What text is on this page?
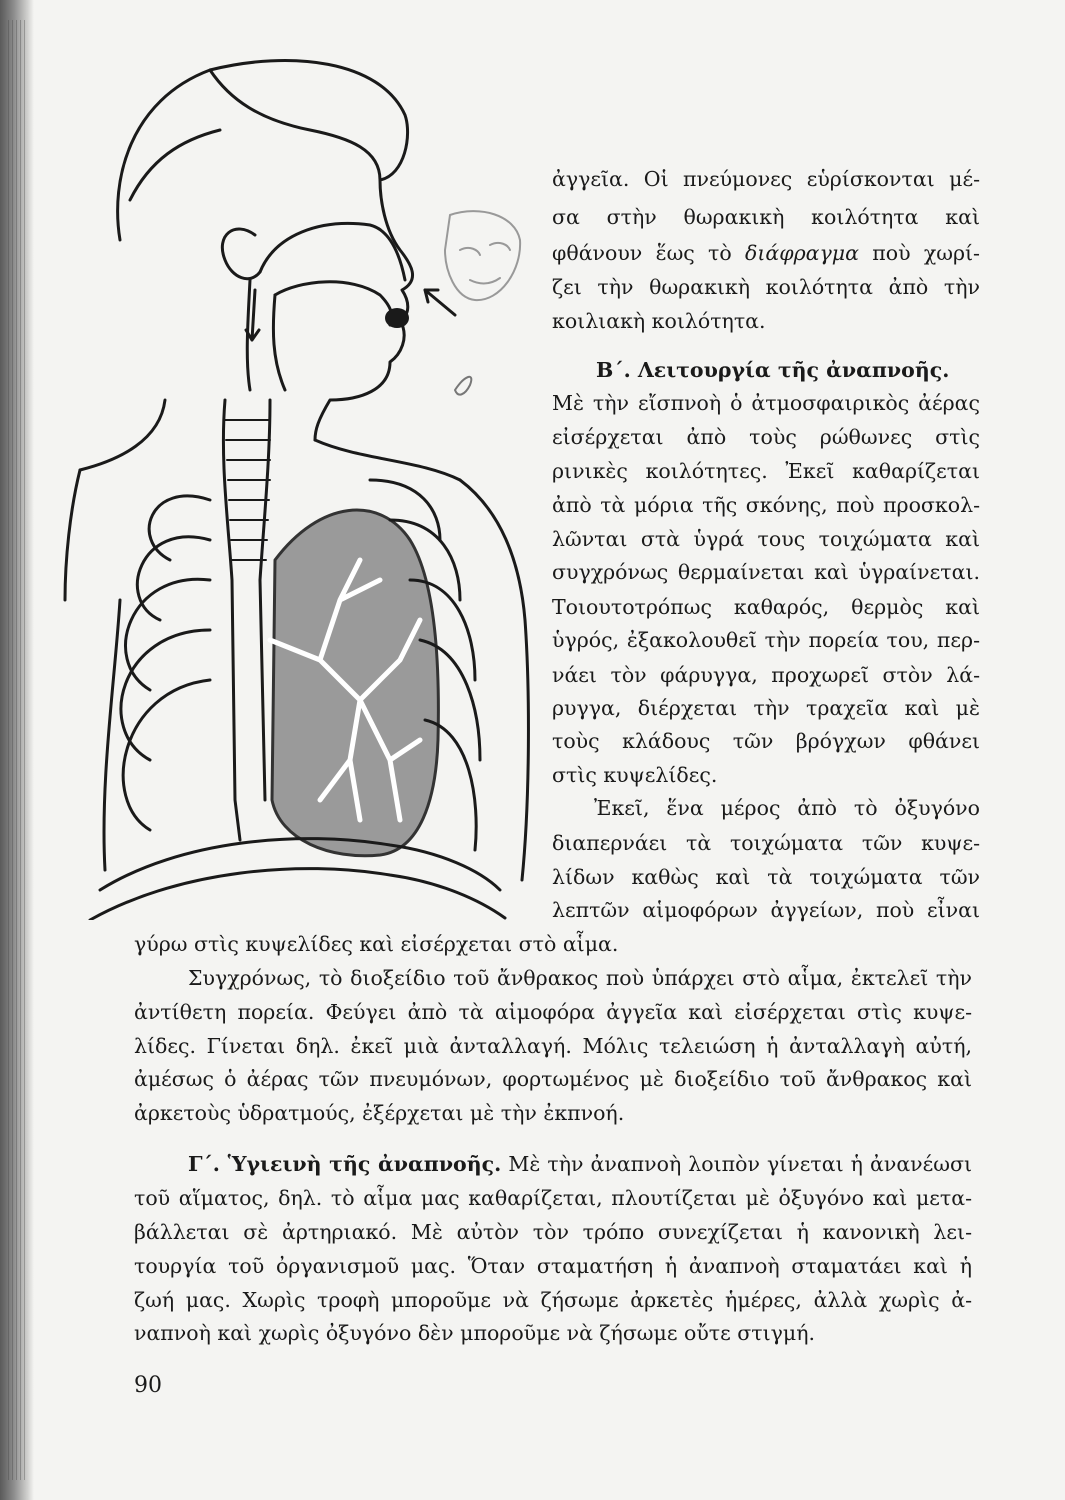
ἀγγεῖα. Οἱ πνεύμονες εὑρίσκονται μέ-

σα στὴν θωρακικὴ κοιλότητα καὶ

φθάνουν ἕως τὸ διάφραγμα ποὺ χωρί-

ζει τὴν θωρακικὴ κοιλότητα ἀπὸ τὴν

κοιλιακὴ κοιλότητα.

Β΄. Λειτουργία τῆς ἀναπνοῆς.

Μὲ τὴν εἴσπνοὴ ὁ ἀτμοσφαιρικὸς ἀέρας

εἰσέρχεται ἀπὸ τοὺς ρώθωνες στὶς

ρινικὲς κοιλότητες. Ἐκεῖ καθαρίζεται

ἀπὸ τὰ μόρια τῆς σκόνης, ποὺ προσκολ-

λῶνται στὰ ὑγρά τους τοιχώματα καὶ

συγχρόνως θερμαίνεται καὶ ὑγραίνεται.

Τοιουτοτρόπως καθαρός, θερμὸς καὶ

ὑγρός, ἐξακολουθεῖ τὴν πορεία του, περ-

νάει τὸν φάρυγγα, προχωρεῖ στὸν λά-

ρυγγα, διέρχεται τὴν τραχεῖα καὶ μὲ

τοὺς κλάδους τῶν βρόγχων φθάνει

στὶς κυψελίδες.

Ἐκεῖ, ἕνα μέρος ἀπὸ τὸ ὀξυγόνο

διαπερνάει τὰ τοιχώματα τῶν κυψε-

λίδων καθὼς καὶ τὰ τοιχώματα τῶν

λεπτῶν αἱμοφόρων ἀγγείων, ποὺ εἶναι

γύρω στὶς κυψελίδες καὶ εἰσέρχεται στὸ αἷμα.

Συγχρόνως, τὸ διοξείδιο τοῦ ἄνθρακος ποὺ ὑπάρχει στὸ αἷμα, ἐκτελεῖ τὴν

ἀντίθετη πορεία. Φεύγει ἀπὸ τὰ αἱμοφόρα ἀγγεῖα καὶ εἰσέρχεται στὶς κυψε-

λίδες. Γίνεται δηλ. ἐκεῖ μιὰ ἀνταλλαγή. Μόλις τελειώση ἡ ἀνταλλαγὴ αὐτή,

ἀμέσως ὁ ἀέρας τῶν πνευμόνων, φορτωμένος μὲ διοξείδιο τοῦ ἄνθρακος καὶ

ἀρκετοὺς ὑδρατμούς, ἐξέρχεται μὲ τὴν ἐκπνοή.

Γ΄. Ὑγιεινὴ τῆς ἀναπνοῆς. Μὲ τὴν ἀναπνοὴ λοιπὸν γίνεται ἡ ἀνανέωσι

τοῦ αἵματος, δηλ. τὸ αἷμα μας καθαρίζεται, πλουτίζεται μὲ ὀξυγόνο καὶ μετα-

βάλλεται σὲ ἀρτηριακό. Μὲ αὐτὸν τὸν τρόπο συνεχίζεται ἡ κανονικὴ λει-

τουργία τοῦ ὀργανισμοῦ μας. Ὅταν σταματήση ἡ ἀναπνοὴ σταματάει καὶ ἡ

ζωή μας. Χωρὶς τροφὴ μποροῦμε νὰ ζήσωμε ἀρκετὲς ἡμέρες, ἀλλὰ χωρὶς ἀ-

ναπνοὴ καὶ χωρὶς ὀξυγόνο δὲν μποροῦμε νὰ ζήσωμε οὔτε στιγμή.

90
